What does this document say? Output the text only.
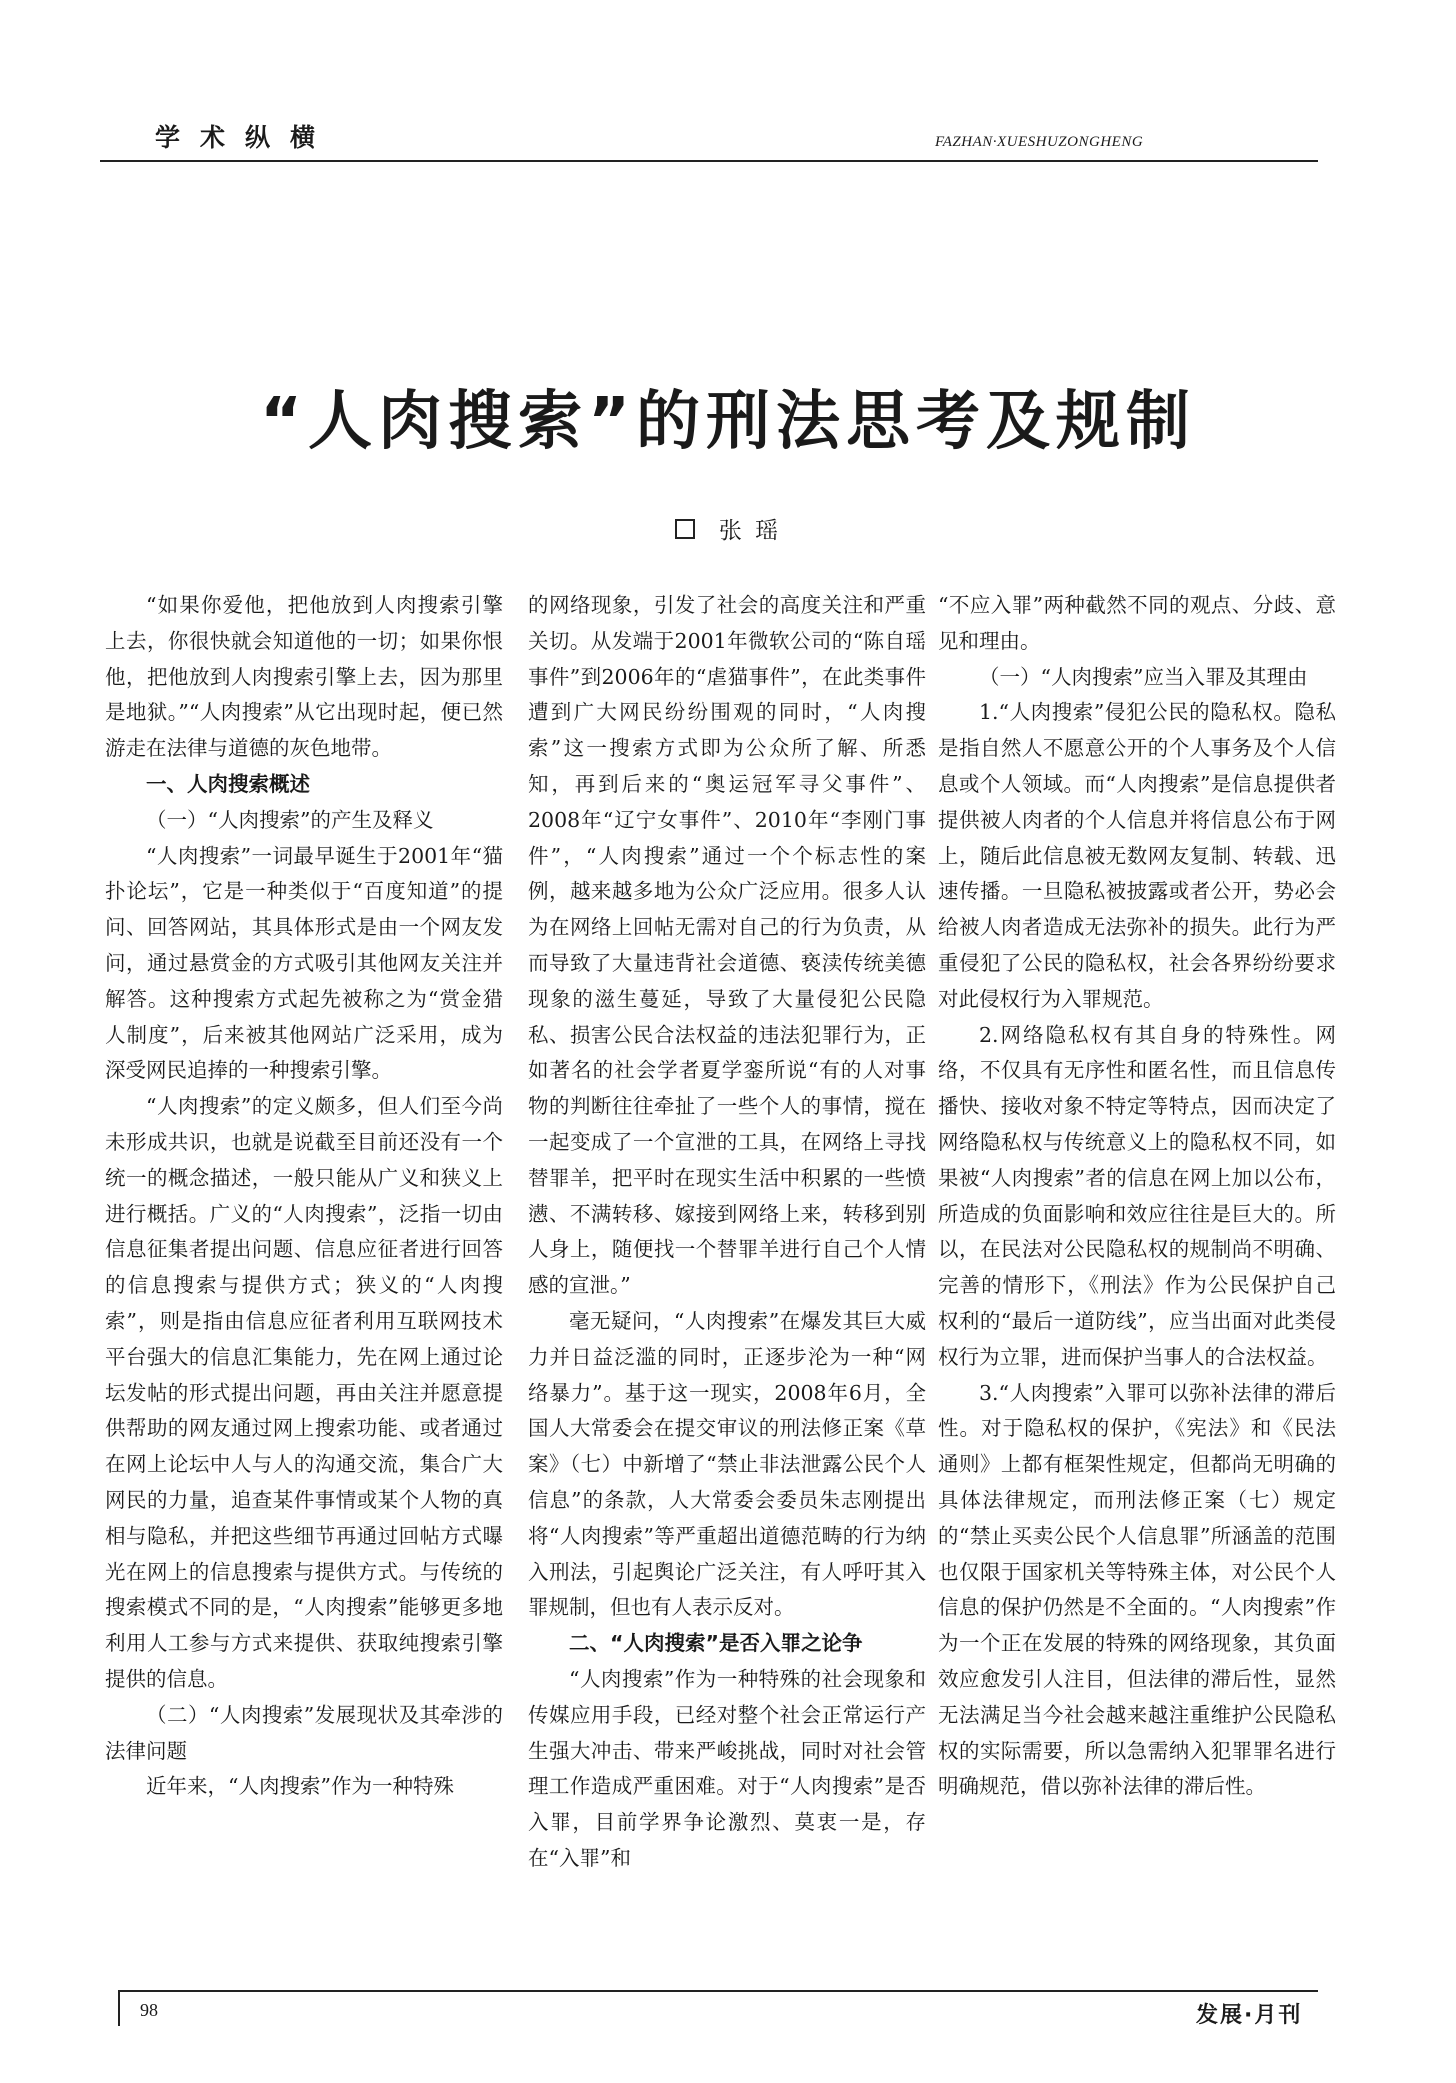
学术纵横	FAZHAN·XUESHUZONGHENG
“人肉搜索”的刑法思考及规制
张 瑶

“如果你爱他，把他放到人肉搜索引擎上去，你很快就会知道他的一切；如果你恨他，把他放到人肉搜索引擎上去，因为那里是地狱。”“人肉搜索”从它出现时起，便已然游走在法律与道德的灰色地带。

一、人肉搜索概述
（一）“人肉搜索”的产生及释义

“人肉搜索”一词最早诞生于2001年“猫扑论坛”，它是一种类似于“百度知道”的提问、回答网站，其具体形式是由一个网友发问，通过悬赏金的方式吸引其他网友关注并解答。这种搜索方式起先被称之为“赏金猎人制度”，后来被其他网站广泛采用，成为深受网民追捧的一种搜索引擎。

“人肉搜索”的定义颇多，但人们至今尚未形成共识，也就是说截至目前还没有一个统一的概念描述，一般只能从广义和狭义上进行概括。广义的“人肉搜索”，泛指一切由信息征集者提出问题、信息应征者进行回答的信息搜索与提供方式；狭义的“人肉搜索”，则是指由信息应征者利用互联网技术平台强大的信息汇集能力，先在网上通过论坛发帖的形式提出问题，再由关注并愿意提供帮助的网友通过网上搜索功能、或者通过在网上论坛中人与人的沟通交流，集合广大网民的力量，追查某件事情或某个人物的真相与隐私，并把这些细节再通过回帖方式曝光在网上的信息搜索与提供方式。与传统的搜索模式不同的是，“人肉搜索”能够更多地利用人工参与方式来提供、获取纯搜索引擎提供的信息。

（二）“人肉搜索”发展现状及其牵涉的法律问题

近年来，“人肉搜索”作为一种特殊

的网络现象，引发了社会的高度关注和严重关切。从发端于2001年微软公司的“陈自瑶事件”到2006年的“虐猫事件”，在此类事件遭到广大网民纷纷围观的同时，“人肉搜索”这一搜索方式即为公众所了解、所悉知，再到后来的“奥运冠军寻父事件”、2008年“辽宁女事件”、2010年“李刚门事件”，“人肉搜索”通过一个个标志性的案例，越来越多地为公众广泛应用。很多人认为在网络上回帖无需对自己的行为负责，从而导致了大量违背社会道德、亵渎传统美德现象的滋生蔓延，导致了大量侵犯公民隐私、损害公民合法权益的违法犯罪行为，正如著名的社会学者夏学銮所说“有的人对事物的判断往往牵扯了一些个人的事情，搅在一起变成了一个宣泄的工具，在网络上寻找替罪羊，把平时在现实生活中积累的一些愤懑、不满转移、嫁接到网络上来，转移到别人身上，随便找一个替罪羊进行自己个人情感的宣泄。”

毫无疑问，“人肉搜索”在爆发其巨大威力并日益泛滥的同时，正逐步沦为一种“网络暴力”。基于这一现实，2008年6月，全国人大常委会在提交审议的刑法修正案《草案》（七）中新增了“禁止非法泄露公民个人信息”的条款，人大常委会委员朱志刚提出将“人肉搜索”等严重超出道德范畴的行为纳入刑法，引起舆论广泛关注，有人呼吁其入罪规制，但也有人表示反对。

二、“人肉搜索”是否入罪之论争

“人肉搜索”作为一种特殊的社会现象和传媒应用手段，已经对整个社会正常运行产生强大冲击、带来严峻挑战，同时对社会管理工作造成严重困难。对于“人肉搜索”是否入罪，目前学界争论激烈、莫衷一是，存在“入罪”和

“不应入罪”两种截然不同的观点、分歧、意见和理由。

（一）“人肉搜索”应当入罪及其理由

1.“人肉搜索”侵犯公民的隐私权。隐私是指自然人不愿意公开的个人事务及个人信息或个人领域。而“人肉搜索”是信息提供者提供被人肉者的个人信息并将信息公布于网上，随后此信息被无数网友复制、转载、迅速传播。一旦隐私被披露或者公开，势必会给被人肉者造成无法弥补的损失。此行为严重侵犯了公民的隐私权，社会各界纷纷要求对此侵权行为入罪规范。

2.网络隐私权有其自身的特殊性。网络，不仅具有无序性和匿名性，而且信息传播快、接收对象不特定等特点，因而决定了网络隐私权与传统意义上的隐私权不同，如果被“人肉搜索”者的信息在网上加以公布，所造成的负面影响和效应往往是巨大的。所以，在民法对公民隐私权的规制尚不明确、完善的情形下，《刑法》作为公民保护自己权利的“最后一道防线”，应当出面对此类侵权行为立罪，进而保护当事人的合法权益。

3.“人肉搜索”入罪可以弥补法律的滞后性。对于隐私权的保护，《宪法》和《民法通则》上都有框架性规定，但都尚无明确的具体法律规定，而刑法修正案（七）规定的“禁止买卖公民个人信息罪”所涵盖的范围也仅限于国家机关等特殊主体，对公民个人信息的保护仍然是不全面的。“人肉搜索”作为一个正在发展的特殊的网络现象，其负面效应愈发引人注目，但法律的滞后性，显然无法满足当今社会越来越注重维护公民隐私权的实际需要，所以急需纳入犯罪罪名进行明确规范，借以弥补法律的滞后性。

98	发展·月刊
